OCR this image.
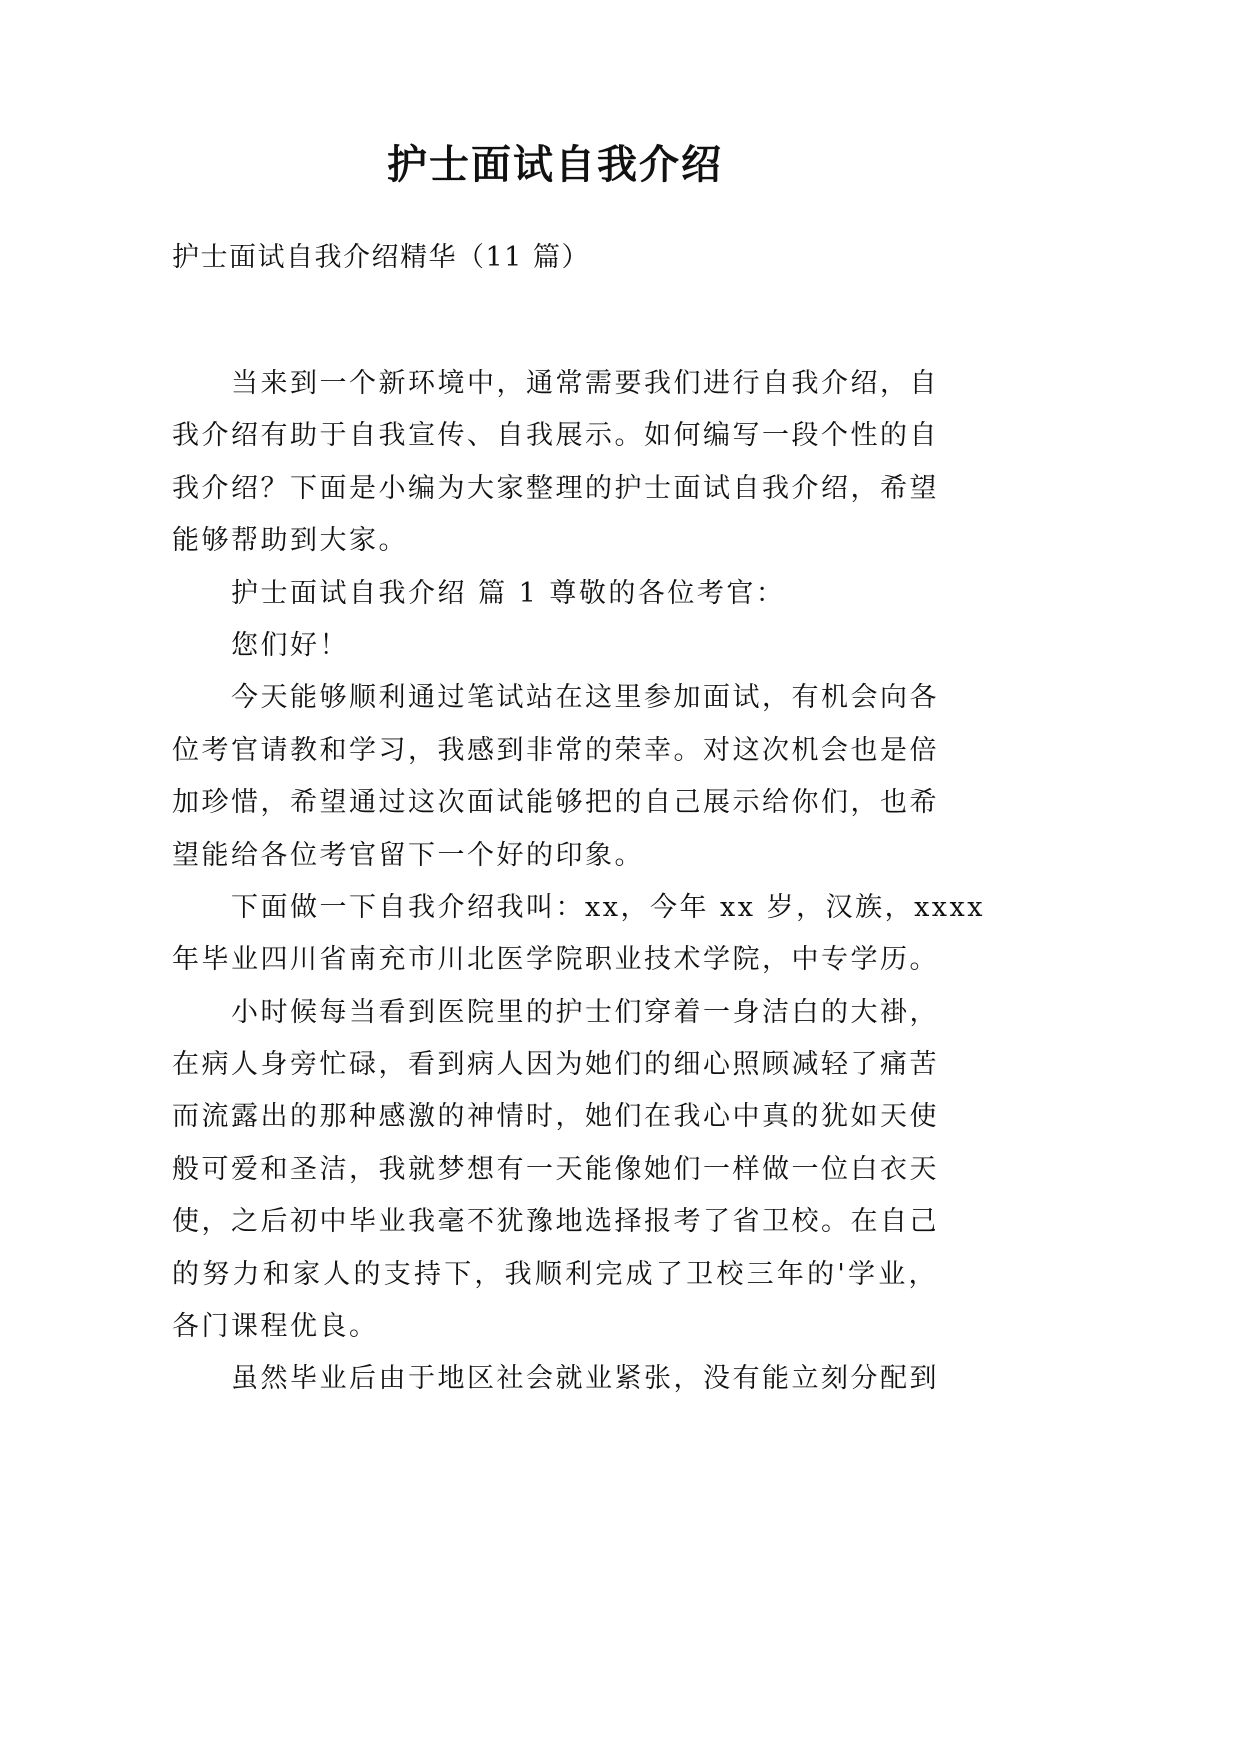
护士面试自我介绍
护士面试自我介绍精华（11 篇）
当来到一个新环境中，通常需要我们进行自我介绍，自
我介绍有助于自我宣传、自我展示。如何编写一段个性的自
我介绍？下面是小编为大家整理的护士面试自我介绍，希望
能够帮助到大家。
护士面试自我介绍 篇 1 尊敬的各位考官：
您们好！
今天能够顺利通过笔试站在这里参加面试，有机会向各
位考官请教和学习，我感到非常的荣幸。对这次机会也是倍
加珍惜，希望通过这次面试能够把的自己展示给你们，也希
望能给各位考官留下一个好的印象。
下面做一下自我介绍我叫：xx，今年 xx 岁，汉族，xxxx
年毕业四川省南充市川北医学院职业技术学院，中专学历。
小时候每当看到医院里的护士们穿着一身洁白的大褂，
在病人身旁忙碌，看到病人因为她们的细心照顾减轻了痛苦
而流露出的那种感激的神情时，她们在我心中真的犹如天使
般可爱和圣洁，我就梦想有一天能像她们一样做一位白衣天
使，之后初中毕业我毫不犹豫地选择报考了省卫校。在自己
的努力和家人的支持下，我顺利完成了卫校三年的'学业，
各门课程优良。
虽然毕业后由于地区社会就业紧张，没有能立刻分配到
